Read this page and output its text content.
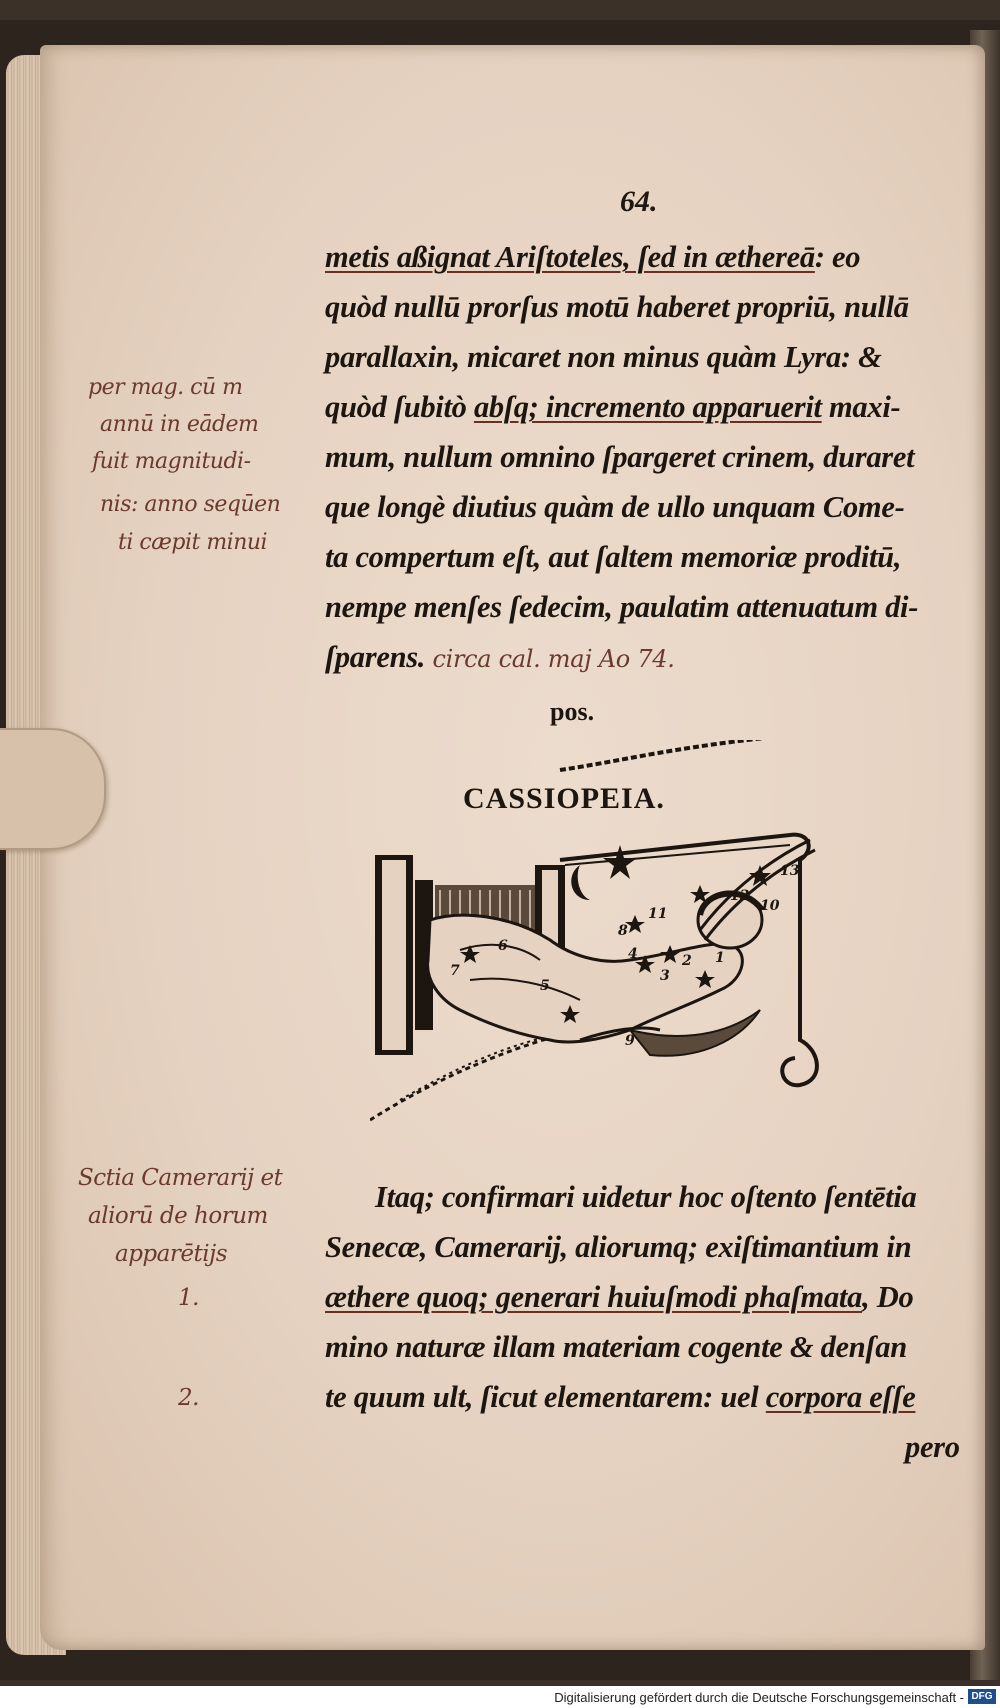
64.
metis aßignat Ariſtoteles, ſed in æthereā: eo
quòd nullū prorſus motū haberet propriū, nullā
parallaxin, micaret non minus quàm Lyra: &
quòd ſubitò abſq; incremento apparuerit maxi-
mum, nullum omnino ſpargeret crinem, duraret
que longè diutius quàm de ullo unquam Come-
ta compertum eſt, aut ſaltem memoriæ proditū,
nempe menſes ſedecim, paulatim attenuatum di-
ſparens. circa cal. maj Ao 74.
per mag. cū m
annū in eādem
fuit magnitudi-
nis: anno seqūen
ti cæpit minui
pos.
13
12
10
11
8
7
6
5
4
3
2 1
9
CASSIOPEIA.
Itaq; confirmari uidetur hoc oſtento ſentētia
Senecæ, Camerarij, aliorumq; exiſtimantium in
æthere quoq; generari huiuſmodi phaſmata, Do
mino naturæ illam materiam cogente & denſan
te quum ult, ſicut elementarem: uel corpora eſſe
pero
Sctia Camerarij et
aliorū de horum
apparētijs
1.
2.
Digitalisierung gefördert durch die Deutsche Forschungsgemeinschaft - DFG
